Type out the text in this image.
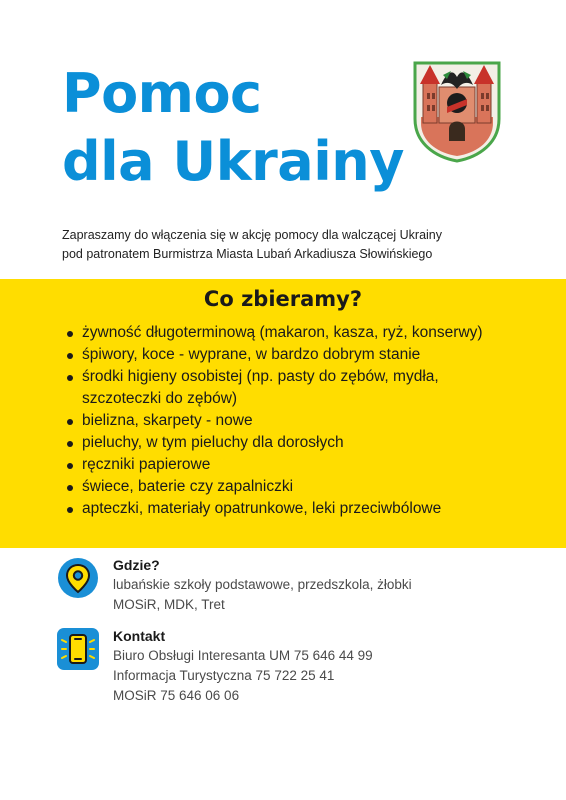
Pomoc
dla Ukrainy
Zapraszamy do włączenia się w akcję pomocy dla walczącej Ukrainy
pod patronatem Burmistrza Miasta Lubań Arkadiusza Słowińskiego
Co zbieramy?
żywność długoterminową (makaron, kasza, ryż, konserwy)
śpiwory, koce - wyprane, w bardzo dobrym stanie
środki higieny osobistej (np. pasty do zębów, mydła, szczoteczki do zębów)
bielizna, skarpety - nowe
pieluchy, w tym pieluchy dla dorosłych
ręczniki papierowe
świece, baterie czy zapalniczki
apteczki, materiały opatrunkowe, leki przeciwbólowe
Gdzie?
lubańskie szkoły podstawowe, przedszkola, żłobki
MOSiR, MDK, Tret
Kontakt
Biuro Obsługi Interesanta UM 75 646 44 99
Informacja Turystyczna 75 722 25 41
MOSiR 75 646 06 06
